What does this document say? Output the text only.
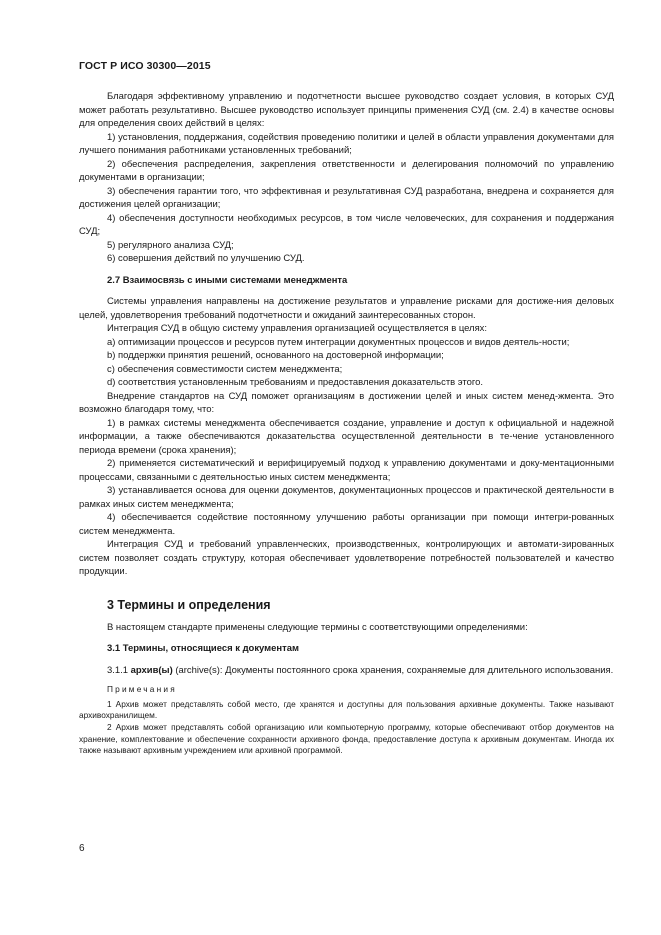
ГОСТ Р ИСО 30300—2015

Благодаря эффективному управлению и подотчетности высшее руководство создает условия, в которых СУД может работать результативно. Высшее руководство использует принципы применения СУД (см. 2.4) в качестве основы для определения своих действий в целях:

1) установления, поддержания, содействия проведению политики и целей в области управления документами для лучшего понимания работниками установленных требований;

2) обеспечения распределения, закрепления ответственности и делегирования полномочий по управлению документами в организации;

3) обеспечения гарантии того, что эффективная и результативная СУД разработана, внедрена и сохраняется для достижения целей организации;

4) обеспечения доступности необходимых ресурсов, в том числе человеческих, для сохранения и поддержания СУД;

5) регулярного анализа СУД;

6) совершения действий по улучшению СУД.

2.7 Взаимосвязь с иными системами менеджмента

Системы управления направлены на достижение результатов и управление рисками для достиже-ния деловых целей, удовлетворения требований подотчетности и ожиданий заинтересованных сторон.

Интеграция СУД в общую систему управления организацией осуществляется в целях:

a) оптимизации процессов и ресурсов путем интеграции документных процессов и видов деятель-ности;

b) поддержки принятия решений, основанного на достоверной информации;

c) обеспечения совместимости систем менеджмента;

d) соответствия установленным требованиям и предоставления доказательств этого.

Внедрение стандартов на СУД поможет организациям в достижении целей и иных систем менед-жмента. Это возможно благодаря тому, что:

1) в рамках системы менеджмента обеспечивается создание, управление и доступ к официальной и надежной информации, а также обеспечиваются доказательства осуществленной деятельности в те-чение установленного периода времени (срока хранения);

2) применяется систематический и верифицируемый подход к управлению документами и доку-ментационными процессами, связанными с деятельностью иных систем менеджмента;

3) устанавливается основа для оценки документов, документационных процессов и практической деятельности в рамках иных систем менеджмента;

4) обеспечивается содействие постоянному улучшению работы организации при помощи интегри-рованных систем менеджмента.

Интеграция СУД и требований управленческих, производственных, контролирующих и автомати-зированных систем позволяет создать структуру, которая обеспечивает удовлетворение потребностей пользователей и качество продукции.

3 Термины и определения

В настоящем стандарте применены следующие термины с соответствующими определениями:

3.1 Термины, относящиеся к документам

3.1.1 архив(ы) (archive(s): Документы постоянного срока хранения, сохраняемые для длительного использования.

Примечания

1 Архив может представлять собой место, где хранятся и доступны для пользования архивные документы. Также называют архивохранилищем.

2 Архив может представлять собой организацию или компьютерную программу, которые обеспечивают отбор документов на хранение, комплектование и обеспечение сохранности архивного фонда, предоставление доступа к архивным документам. Иногда их также называют архивным учреждением или архивной программой.

6
